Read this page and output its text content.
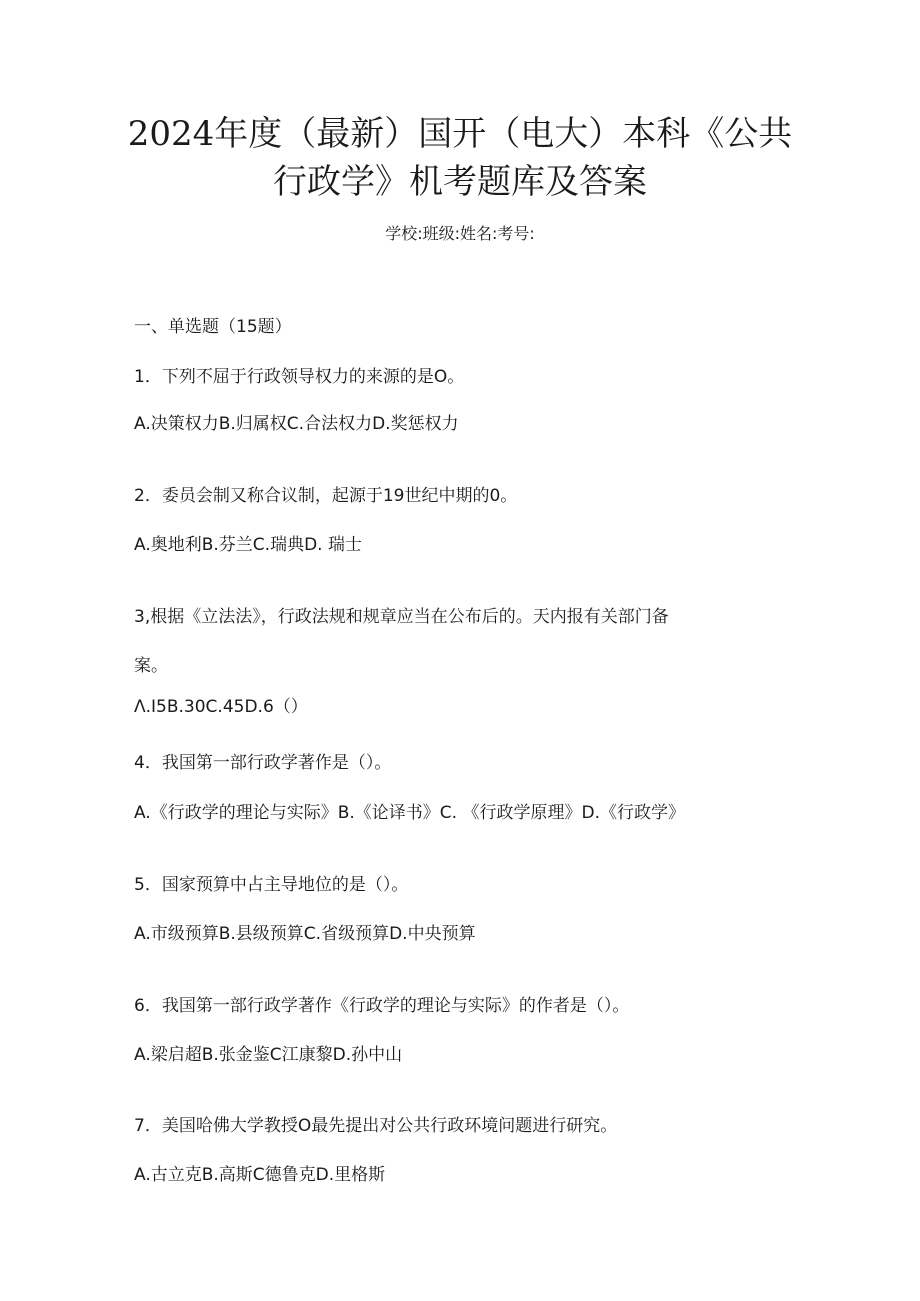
2024年度（最新）国开（电大）本科《公共
行政学》机考题库及答案
学校:班级:姓名:考号:
一、单选题（15题）
1．下列不屈于行政领导权力的来源的是O。
A.决策权力B.归属权C.合法权力D.奖惩权力
2．委员会制又称合议制，起源于19世纪中期的0。
A.奥地利B.芬兰C.瑞典D. 瑞士
3,根据《立法法》，行政法规和规章应当在公布后的。天内报有关部门备
案。
Λ.I5B.30C.45D.6（）
4．我国第一部行政学著作是（）。
A.《行政学的理论与实际》B.《论译书》C. 《行政学原理》D.《行政学》
5．国家预算中占主导地位的是（）。
A.市级预算B.县级预算C.省级预算D.中央预算
6．我国第一部行政学著作《行政学的理论与实际》的作者是（）。
A.梁启超B.张金鉴C江康黎D.孙中山
7．美国哈佛大学教授O最先提出对公共行政环境问题进行研究。
A.古立克B.高斯C德鲁克D.里格斯
